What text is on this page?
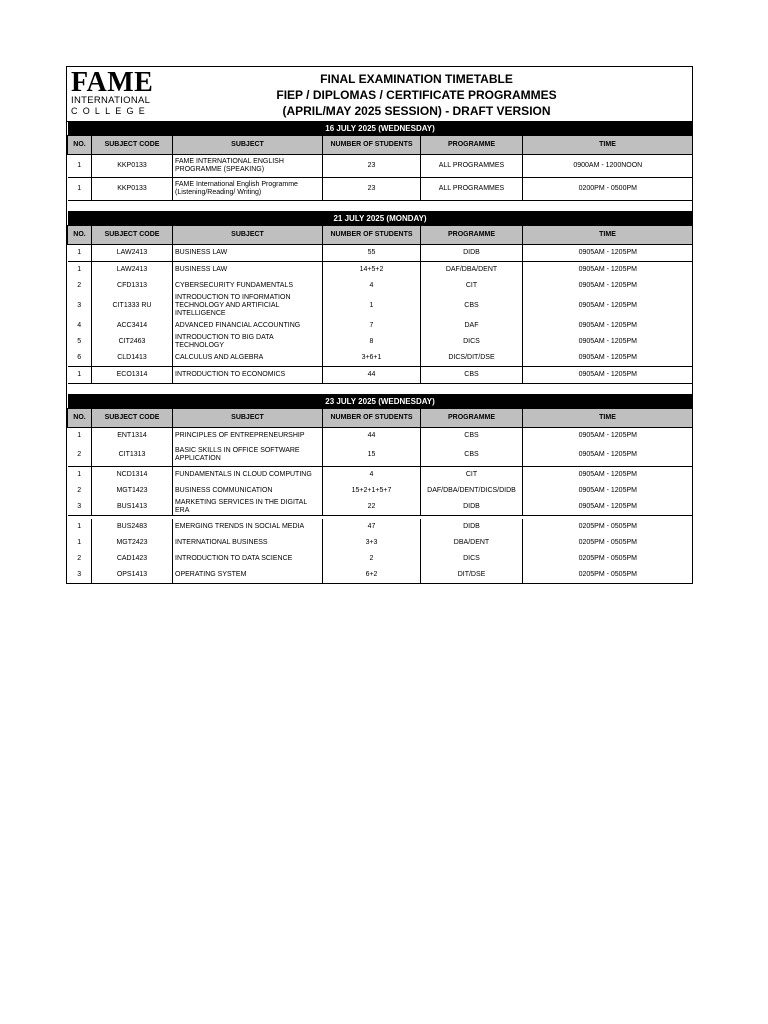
FAME
INTERNATIONAL
COLLEGE
FINAL EXAMINATION TIMETABLE
FIEP / DIPLOMAS / CERTIFICATE PROGRAMMES
(APRIL/MAY 2025 SESSION) - DRAFT VERSION
16 JULY 2025 (WEDNESDAY)					
NO.	SUBJECT CODE	SUBJECT	NUMBER OF STUDENTS	PROGRAMME	TIME
1	KKP0133	FAME INTERNATIONAL ENGLISH PROGRAMME (SPEAKING)	23	ALL PROGRAMMES	0900AM - 1200NOON
1	KKP0133	FAME International English Programme (Listening/Reading/ Writing)	23	ALL PROGRAMMES	0200PM - 0500PM

21 JULY 2025 (MONDAY)					
NO.	SUBJECT CODE	SUBJECT	NUMBER OF STUDENTS	PROGRAMME	TIME
1	LAW2413	BUSINESS LAW	55	DIDB	0905AM - 1205PM
1	LAW2413	BUSINESS LAW	14+5+2	DAF/DBA/DENT	0905AM - 1205PM
2	CFD1313	CYBERSECURITY FUNDAMENTALS	4	CIT	0905AM - 1205PM
3	CIT1333 RU	INTRODUCTION TO INFORMATION TECHNOLOGY AND ARTIFICIAL INTELLIGENCE	1	CBS	0905AM - 1205PM
4	ACC3414	ADVANCED FINANCIAL ACCOUNTING	7	DAF	0905AM - 1205PM
5	CIT2463	INTRODUCTION TO BIG DATA TECHNOLOGY	8	DICS	0905AM - 1205PM
6	CLD1413	CALCULUS AND ALGEBRA	3+6+1	DICS/DIT/DSE	0905AM - 1205PM
1	ECO1314	INTRODUCTION TO ECONOMICS	44	CBS	0905AM - 1205PM

23 JULY 2025 (WEDNESDAY)					
NO.	SUBJECT CODE	SUBJECT	NUMBER OF STUDENTS	PROGRAMME	TIME
1	ENT1314	PRINCIPLES OF ENTREPRENEURSHIP	44	CBS	0905AM - 1205PM
2	CIT1313	BASIC SKILLS IN OFFICE SOFTWARE APPLICATION	15	CBS	0905AM - 1205PM
1	NCD1314	FUNDAMENTALS IN CLOUD COMPUTING	4	CIT	0905AM - 1205PM
2	MGT1423	BUSINESS COMMUNICATION	15+2+1+5+7	DAF/DBA/DENT/DICS/DIDB	0905AM - 1205PM
3	BUS1413	MARKETING SERVICES IN THE DIGITAL ERA	22	DIDB	0905AM - 1205PM

1	BUS2483	EMERGING TRENDS IN SOCIAL MEDIA	47	DIDB	0205PM - 0505PM
1	MGT2423	INTERNATIONAL BUSINESS	3+3	DBA/DENT	0205PM - 0505PM
2	CAD1423	INTRODUCTION TO DATA SCIENCE	2	DICS	0205PM - 0505PM
3	OPS1413	OPERATING SYSTEM	6+2	DIT/DSE	0205PM - 0505PM
